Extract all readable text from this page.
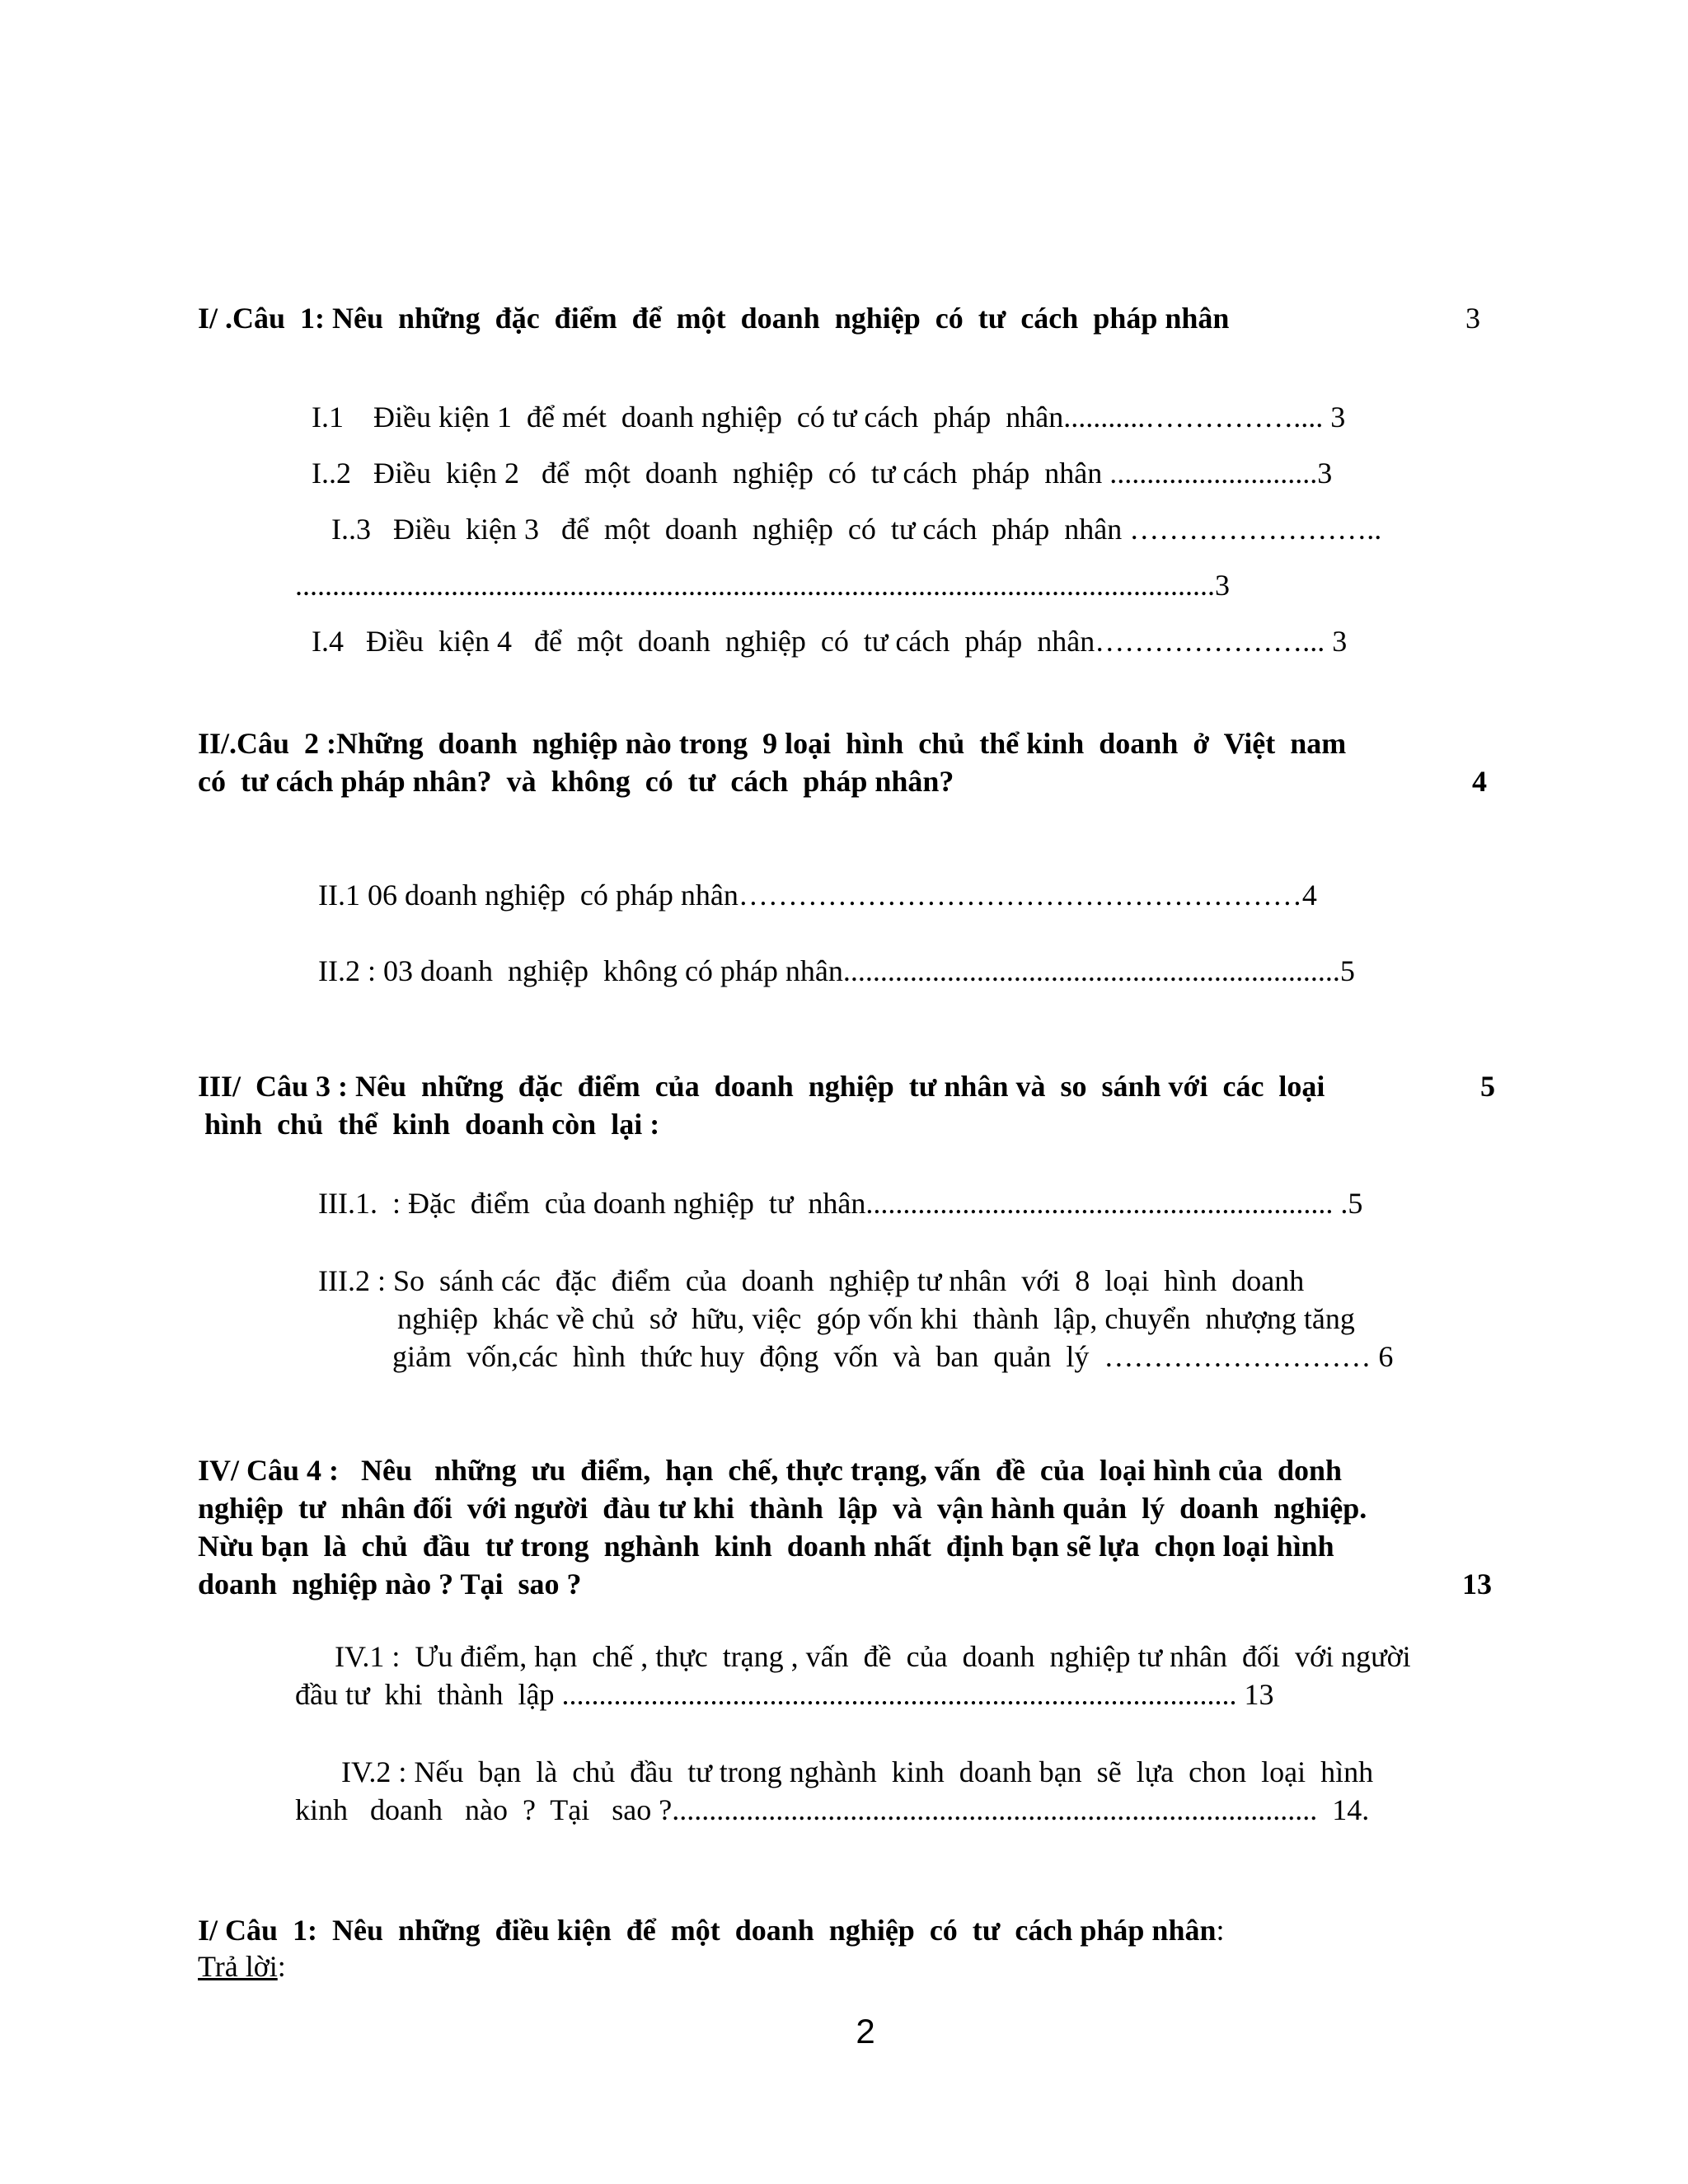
I/ .Câu  1: Nêu  những  đặc  điểm  để  một  doanh  nghiệp  có  tư  cách  pháp nhân	3
I.1    Điều kiện 1  để mét  doanh nghiệp  có tư cách  pháp  nhân...........…………….... 3
I..2   Điều  kiện 2   để  một  doanh  nghiệp  có  tư cách  pháp  nhân ............................3
I..3   Điều  kiện 3   để  một  doanh  nghiệp  có  tư cách  pháp  nhân ……………………..
............................................................................................................................3
I.4   Điều  kiện 4   để  một  doanh  nghiệp  có  tư cách  pháp  nhân…………………... 3
II/.Câu  2 :Những  doanh  nghiệp nào trong  9 loại  hình  chủ  thể kinh  doanh  ở  Việt  nam
có  tư cách pháp nhân?  và  không  có  tư  cách  pháp nhân?	4
II.1 06 doanh nghiệp  có pháp nhân…………………………………………………4
II.2 : 03 doanh  nghiệp  không có pháp nhân...................................................................5
III/  Câu 3 : Nêu  những  đặc  điểm  của  doanh  nghiệp  tư nhân và  so  sánh với  các  loại	5
hình  chủ  thể  kinh  doanh còn  lại :
III.1.  : Đặc  điểm  của doanh nghiệp  tư  nhân............................................................... .5
III.2 : So  sánh các  đặc  điểm  của  doanh  nghiệp tư nhân  với  8  loại  hình  doanh
nghiệp  khác về chủ  sở  hữu, việc  góp vốn khi  thành  lập, chuyển  nhượng tăng
giảm  vốn,các  hình  thức huy  động  vốn  và  ban  quản  lý  ……………………… 6
IV/ Câu 4 :   Nêu   những  ưu  điểm,  hạn  chế, thực trạng, vấn  đề  của  loại hình của  donh
nghiệp  tư  nhân đối  với người  đàu tư khi  thành  lập  và  vận hành quản  lý  doanh  nghiệp.
Nừu bạn  là  chủ  đầu  tư trong  nghành  kinh  doanh nhất  định bạn sẽ lựa  chọn loại hình
doanh  nghiệp nào ? Tại  sao ?	13
IV.1 :  Ưu điểm, hạn  chế , thực  trạng , vấn  đề  của  doanh  nghiệp tư nhân  đối  với người
đầu tư  khi  thành  lập ........................................................................................... 13
IV.2 : Nếu  bạn  là  chủ  đầu  tư trong nghành  kinh  doanh bạn  sẽ  lựa  chon  loại  hình
kinh   doanh   nào  ?  Tại   sao ?.......................................................................................  14.
I/ Câu  1:  Nêu  những  điều kiện  để  một  doanh  nghiệp  có  tư  cách pháp nhân:
Trả lời:
2
